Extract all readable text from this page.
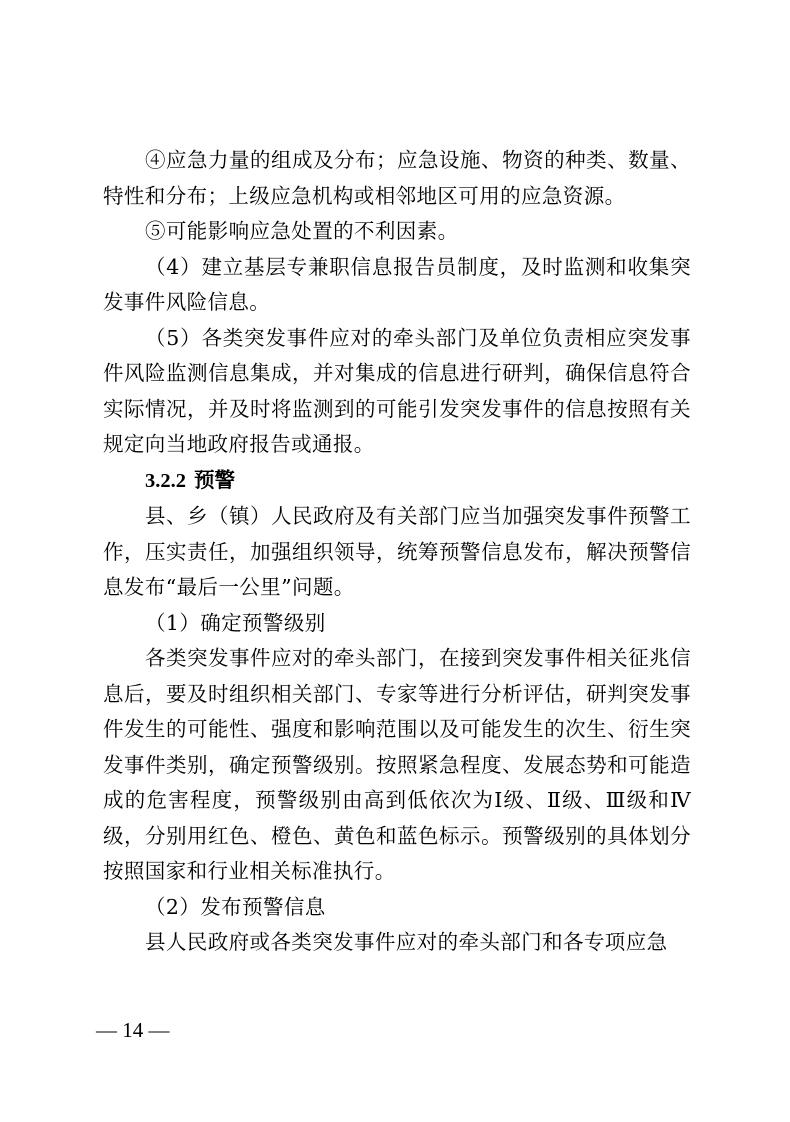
④应急力量的组成及分布；应急设施、物资的种类、数量、特性和分布；上级应急机构或相邻地区可用的应急资源。

⑤可能影响应急处置的不利因素。

（4）建立基层专兼职信息报告员制度，及时监测和收集突发事件风险信息。

（5）各类突发事件应对的牵头部门及单位负责相应突发事件风险监测信息集成，并对集成的信息进行研判，确保信息符合实际情况，并及时将监测到的可能引发突发事件的信息按照有关规定向当地政府报告或通报。

3.2.2 预警

县、乡（镇）人民政府及有关部门应当加强突发事件预警工作，压实责任，加强组织领导，统筹预警信息发布，解决预警信息发布“最后一公里”问题。

（1）确定预警级别

各类突发事件应对的牵头部门，在接到突发事件相关征兆信息后，要及时组织相关部门、专家等进行分析评估，研判突发事件发生的可能性、强度和影响范围以及可能发生的次生、衍生突发事件类别，确定预警级别。按照紧急程度、发展态势和可能造成的危害程度，预警级别由高到低依次为Ⅰ级、Ⅱ级、Ⅲ级和Ⅳ级，分别用红色、橙色、黄色和蓝色标示。预警级别的具体划分按照国家和行业相关标准执行。

（2）发布预警信息

县人民政府或各类突发事件应对的牵头部门和各专项应急

— 14 —
